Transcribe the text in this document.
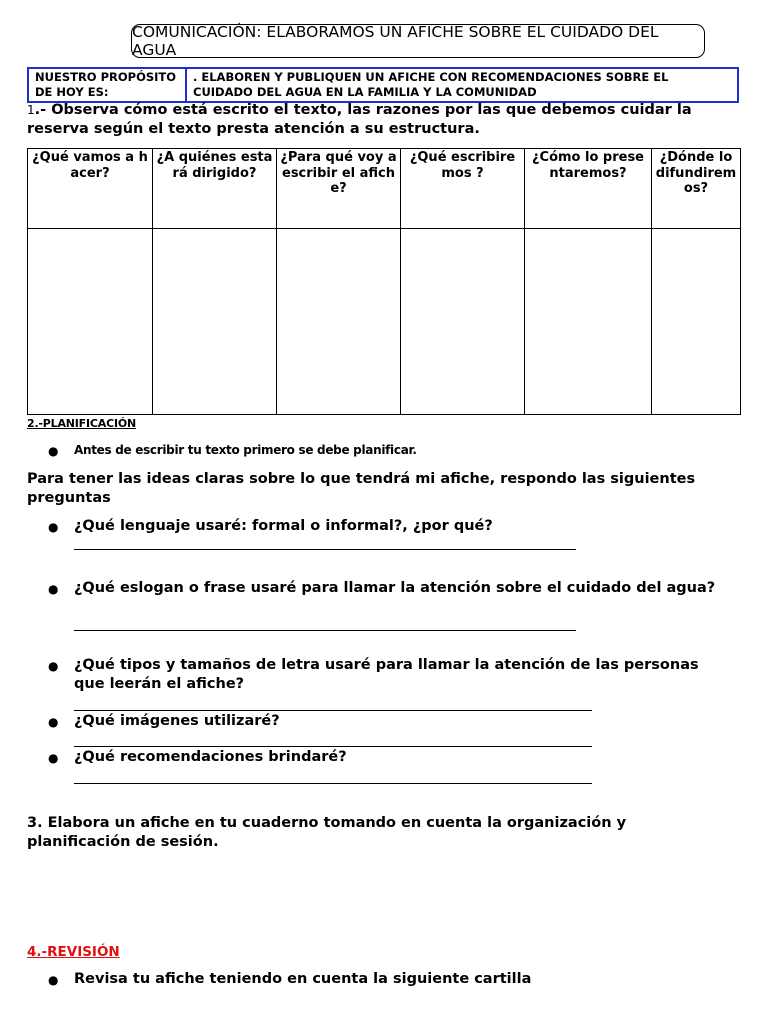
COMUNICACIÓN: ELABORAMOS UN AFICHE SOBRE EL CUIDADO DEL AGUA
NUESTRO PROPÓSITO DE HOY ES:	. ELABOREN Y PUBLIQUEN UN AFICHE CON RECOMENDACIONES SOBRE EL CUIDADO DEL AGUA EN LA FAMILIA Y LA COMUNIDAD
1.- Observa cómo está escrito el texto, las razones por las que debemos cuidar la reserva según el texto presta atención a su estructura.
¿Qué vamos a hacer?	¿A quiénes estará dirigido?	¿Para qué voy a escribir el afiche?	¿Qué escribiremos ?	¿Cómo lo presentaremos?	¿Dónde lo difundiremos?

2.-PLANIFICACIÓN
● Antes de escribir tu texto primero se debe planificar.
Para tener las ideas claras sobre lo que tendrá mi afiche, respondo las siguientes preguntas
● ¿Qué lenguaje usaré: formal o informal?, ¿por qué?
● ¿Qué eslogan o frase usaré para llamar la atención sobre el cuidado del agua?
● ¿Qué tipos y tamaños de letra usaré para llamar la atención de las personas que leerán el afiche?
● ¿Qué imágenes utilizaré?
● ¿Qué recomendaciones brindaré?
3. Elabora un afiche en tu cuaderno tomando en cuenta la organización y planificación de sesión.
4.-REVISIÓN
● Revisa tu afiche teniendo en cuenta la siguiente cartilla
